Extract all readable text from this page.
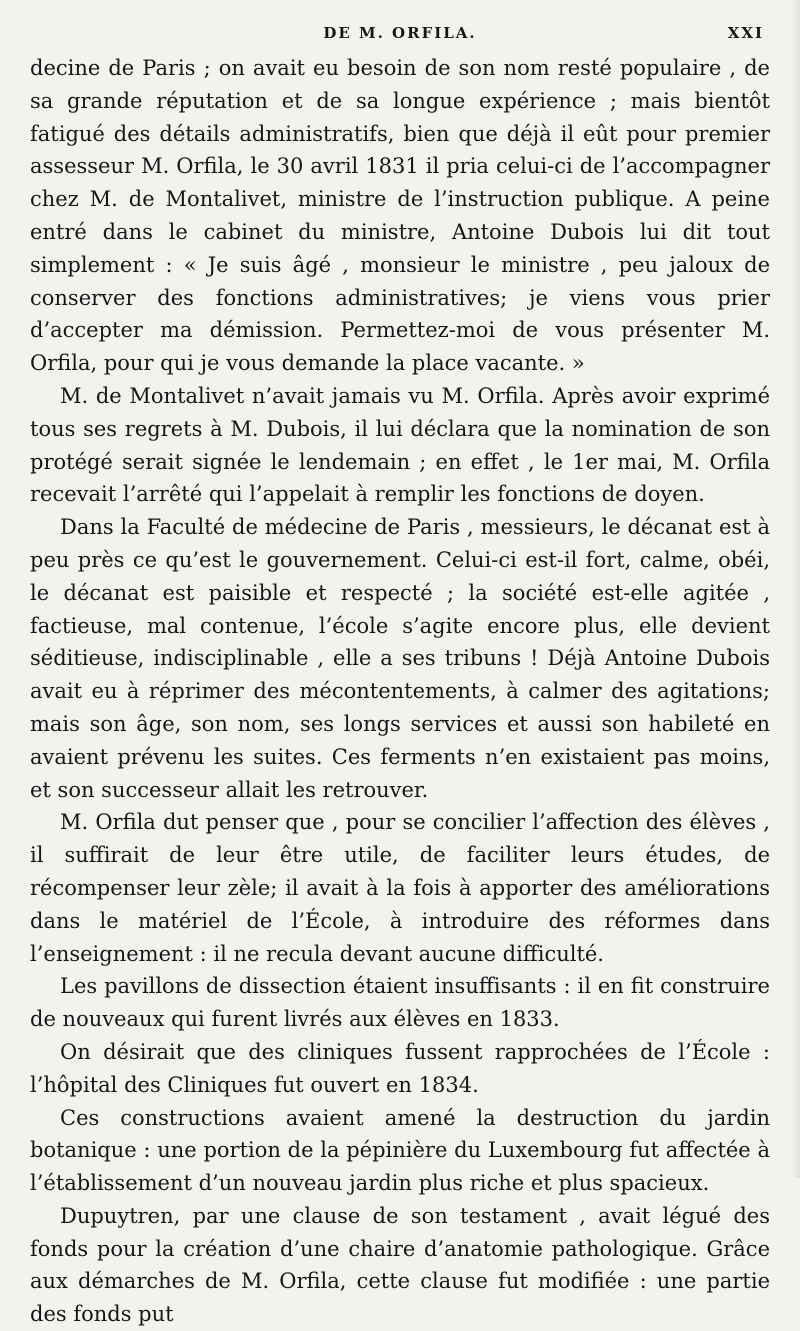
DE M. ORFILA.	XXI

decine de Paris ; on avait eu besoin de son nom resté populaire , de sa grande réputation et de sa longue expérience ; mais bientôt fatigué des détails administratifs, bien que déjà il eût pour premier assesseur M. Orfila, le 30 avril 1831 il pria celui-ci de l’accompagner chez M. de Montalivet, ministre de l’instruction publique. A peine entré dans le cabinet du ministre, Antoine Dubois lui dit tout simplement : « Je suis âgé , monsieur le ministre , peu jaloux de conserver des fonctions administratives; je viens vous prier d’accepter ma démission. Permettez-moi de vous présenter M. Orfila, pour qui je vous demande la place vacante. »

M. de Montalivet n’avait jamais vu M. Orfila. Après avoir exprimé tous ses regrets à M. Dubois, il lui déclara que la nomination de son protégé serait signée le lendemain ; en effet , le 1er mai, M. Orfila recevait l’arrêté qui l’appelait à remplir les fonctions de doyen.

Dans la Faculté de médecine de Paris , messieurs, le décanat est à peu près ce qu’est le gouvernement. Celui-ci est-il fort, calme, obéi, le décanat est paisible et respecté ; la société est-elle agitée , factieuse, mal contenue, l’école s’agite encore plus, elle devient séditieuse, indisciplinable , elle a ses tribuns ! Déjà Antoine Dubois avait eu à réprimer des mécontentements, à calmer des agitations; mais son âge, son nom, ses longs services et aussi son habileté en avaient prévenu les suites. Ces ferments n’en existaient pas moins, et son successeur allait les retrouver.

M. Orfila dut penser que , pour se concilier l’affection des élèves , il suffirait de leur être utile, de faciliter leurs études, de récompenser leur zèle; il avait à la fois à apporter des améliorations dans le matériel de l’École, à introduire des réformes dans l’enseignement : il ne recula devant aucune difficulté.

Les pavillons de dissection étaient insuffisants : il en fit construire de nouveaux qui furent livrés aux élèves en 1833.

On désirait que des cliniques fussent rapprochées de l’École : l’hôpital des Cliniques fut ouvert en 1834.

Ces constructions avaient amené la destruction du jardin botanique : une portion de la pépinière du Luxembourg fut affectée à l’établissement d’un nouveau jardin plus riche et plus spacieux.

Dupuytren, par une clause de son testament , avait légué des fonds pour la création d’une chaire d’anatomie pathologique. Grâce aux démarches de M. Orfila, cette clause fut modifiée : une partie des fonds put
